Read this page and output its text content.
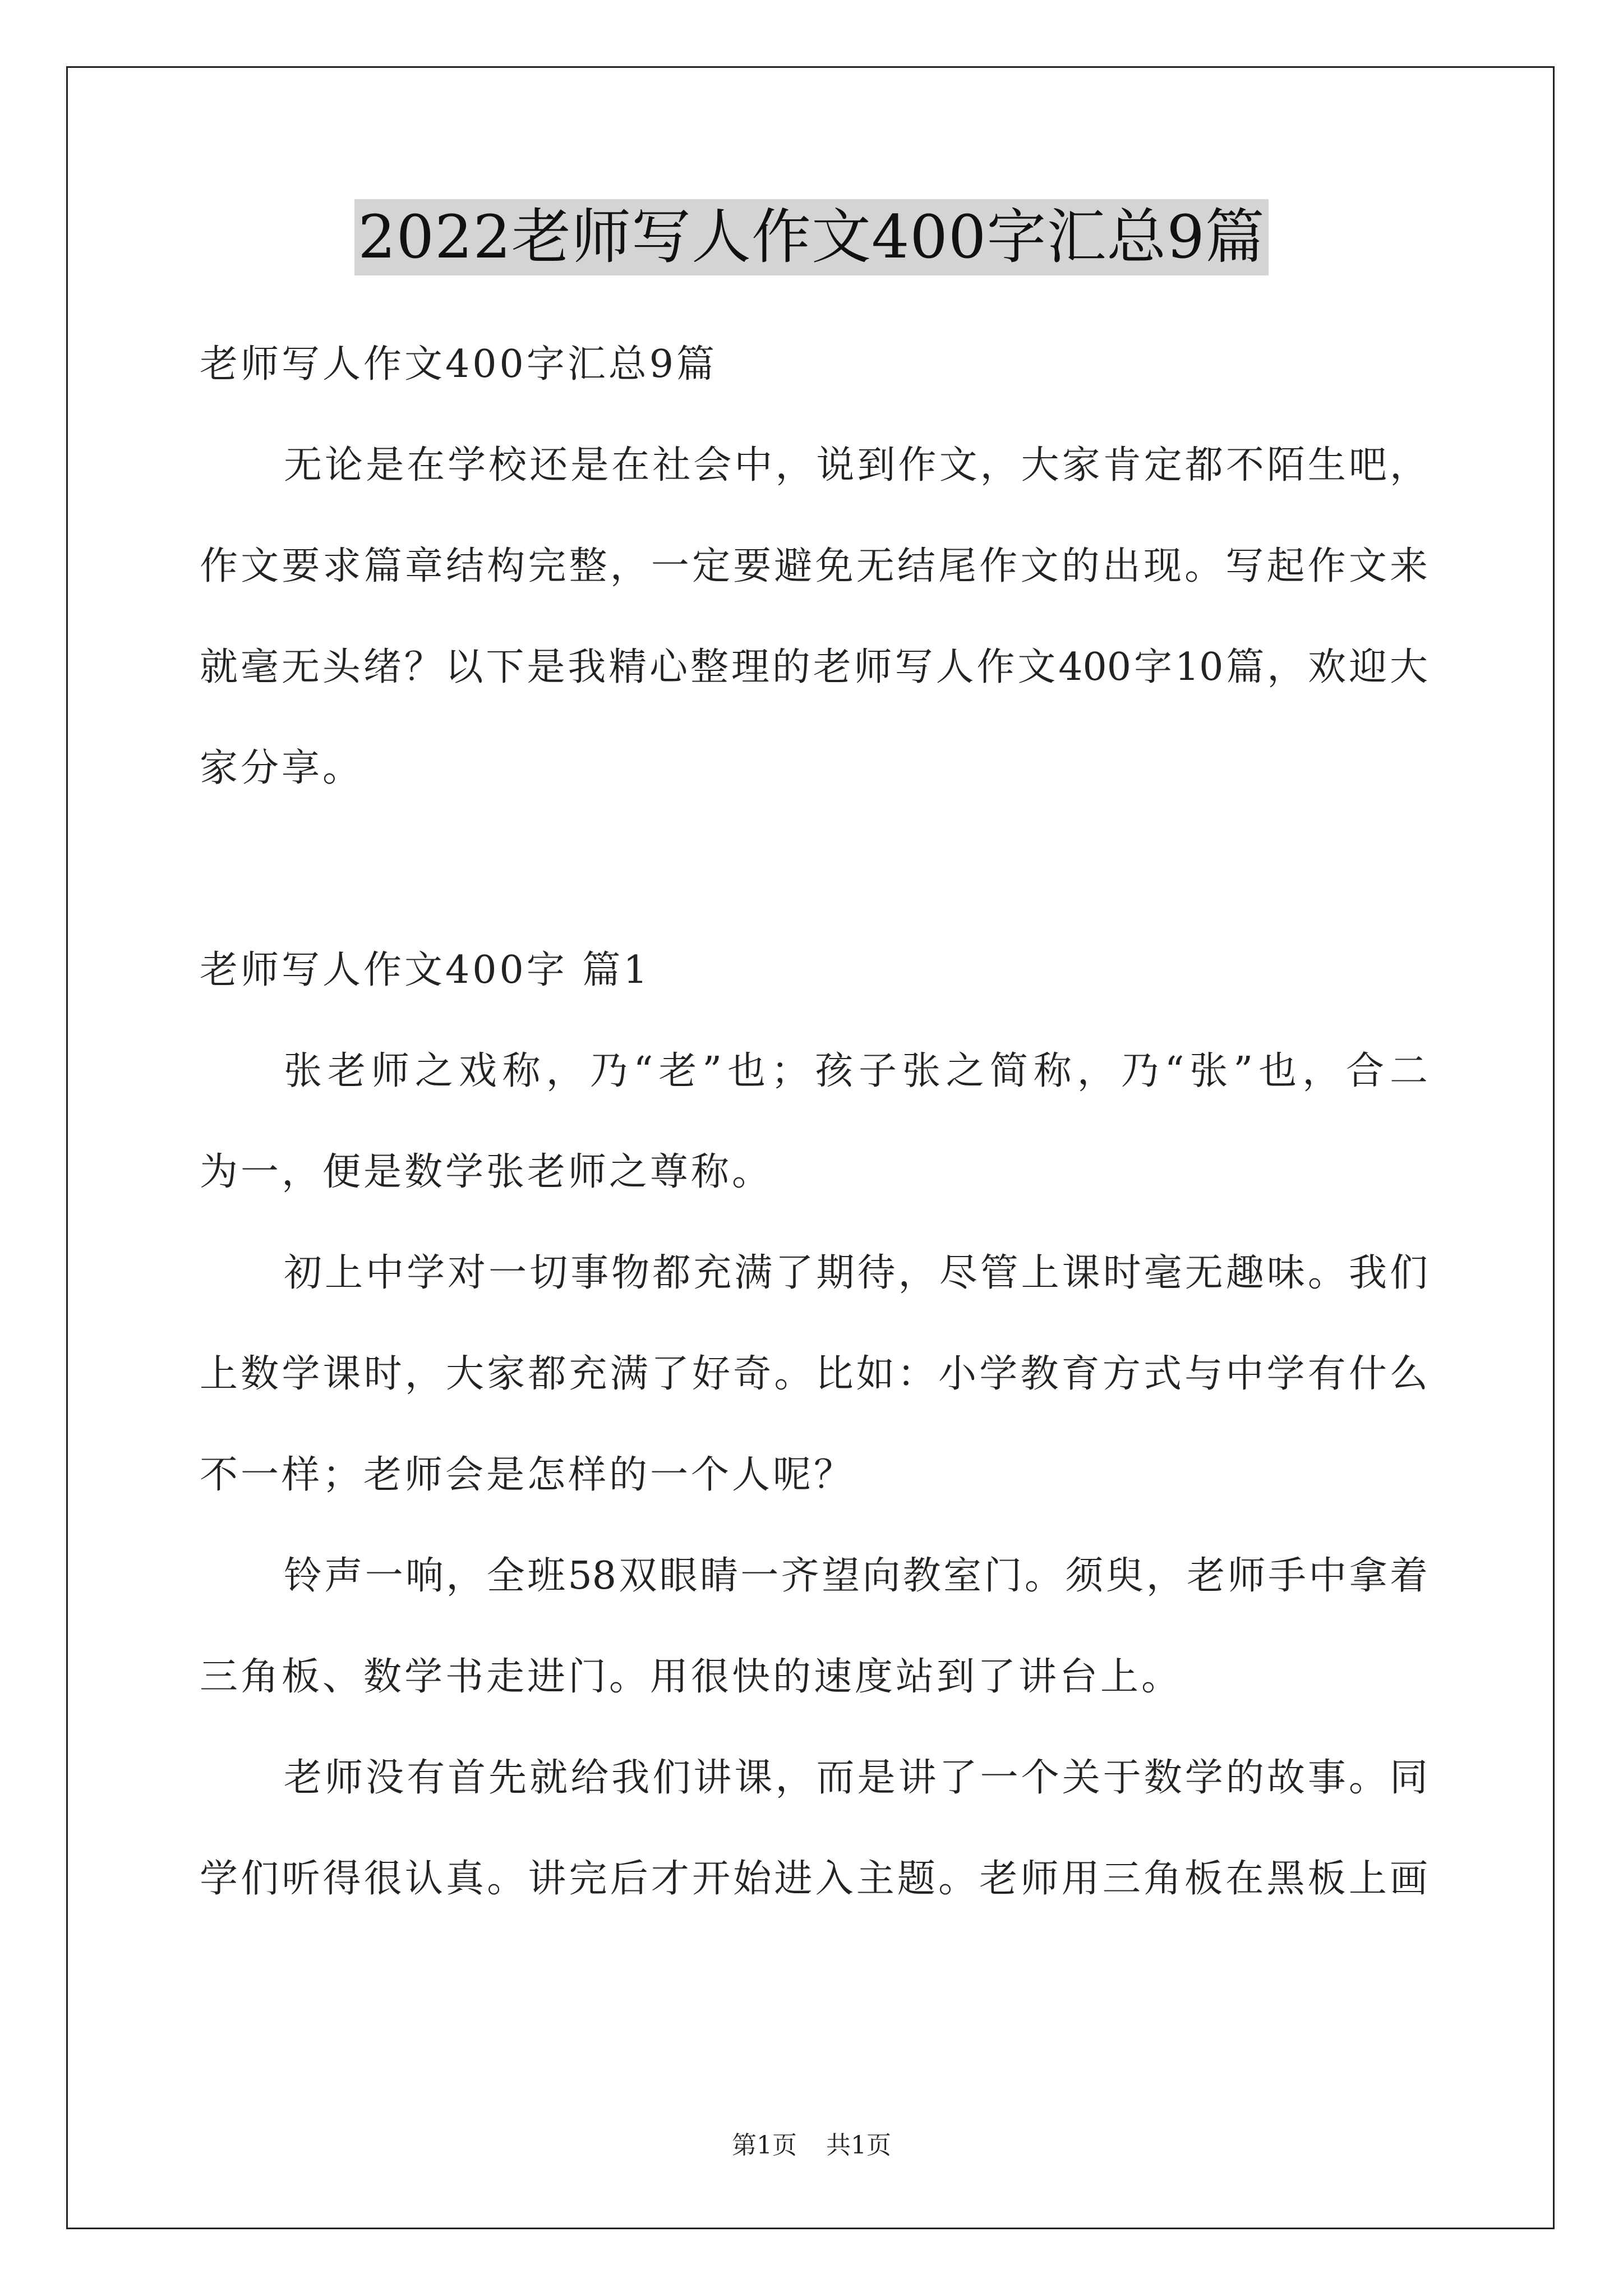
2022老师写人作文400字汇总9篇
老师写人作文400字汇总9篇
无论是在学校还是在社会中，说到作文，大家肯定都不陌生吧，
作文要求篇章结构完整，一定要避免无结尾作文的出现。写起作文来
就毫无头绪？以下是我精心整理的老师写人作文400字10篇，欢迎大
家分享。
老师写人作文400字 篇1
张老师之戏称，乃“老”也；孩子张之简称，乃“张”也，合二
为一，便是数学张老师之尊称。
初上中学对一切事物都充满了期待，尽管上课时毫无趣味。我们
上数学课时，大家都充满了好奇。比如：小学教育方式与中学有什么
不一样；老师会是怎样的一个人呢？
铃声一响，全班58双眼睛一齐望向教室门。须臾，老师手中拿着
三角板、数学书走进门。用很快的速度站到了讲台上。
老师没有首先就给我们讲课，而是讲了一个关于数学的故事。同
学们听得很认真。讲完后才开始进入主题。老师用三角板在黑板上画
第1页 共1页
